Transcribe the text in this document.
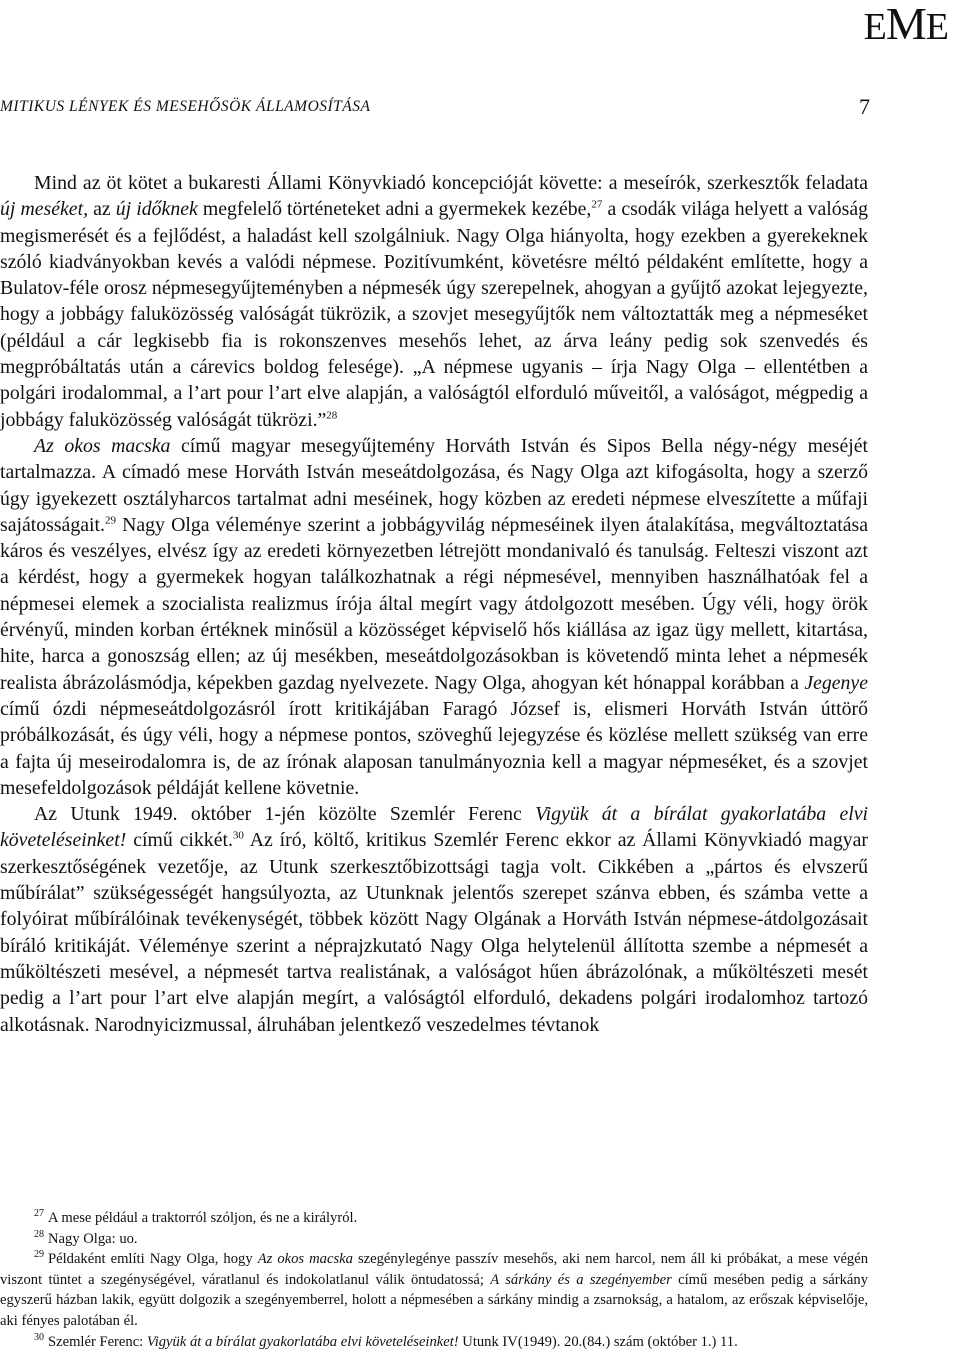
EME
MITIKUS LÉNYEK ÉS MESEHŐSÖK ÁLLAMOSÍTÁSA	7

Mind az öt kötet a bukaresti Állami Könyvkiadó koncepcióját követte: a meseírók, szerkesztők feladata új meséket, az új időknek megfelelő történeteket adni a gyermekek kezébe,$^{27}$ a csodák világa helyett a valóság megismerését és a fejlődést, a haladást kell szolgálniuk. Nagy Olga hiányolta, hogy ezekben a gyerekeknek szóló kiadványokban kevés a valódi népmese. Pozitívumként, követésre méltó példaként említette, hogy a Bulatov-féle orosz népmesegyűjteményben a népmesék úgy szerepelnek, ahogyan a gyűjtő azokat lejegyezte, hogy a jobbágy faluközösség valóságát tükrözik, a szovjet mesegyűjtők nem változtatták meg a népmeséket (például a cár legkisebb fia is rokonszenves mesehős lehet, az árva leány pedig sok szenvedés és megpróbáltatás után a cárevics boldog felesége). „A népmese ugyanis – írja Nagy Olga – ellentétben a polgári irodalommal, a l’art pour l’art elve alapján, a valóságtól elforduló műveitől, a valóságot, mégpedig a jobbágy faluközösség valóságát tükrözi.”$^{28}$

Az okos macska című magyar mesegyűjtemény Horváth István és Sipos Bella négy-négy meséjét tartalmazza. A címadó mese Horváth István meseátdolgozása, és Nagy Olga azt kifogásolta, hogy a szerző úgy igyekezett osztályharcos tartalmat adni meséinek, hogy közben az eredeti népmese elveszítette a műfaji sajátosságait.$^{29}$ Nagy Olga véleménye szerint a jobbágyvilág népmeséinek ilyen átalakítása, megváltoztatása káros és veszélyes, elvész így az eredeti környezetben létrejött mondanivaló és tanulság. Felteszi viszont azt a kérdést, hogy a gyermekek hogyan találkozhatnak a régi népmesével, mennyiben használhatóak fel a népmesei elemek a szocialista realizmus írója által megírt vagy átdolgozott mesében. Úgy véli, hogy örök érvényű, minden korban értéknek minősül a közösséget képviselő hős kiállása az igaz ügy mellett, kitartása, hite, harca a gonoszság ellen; az új mesékben, meseátdolgozásokban is követendő minta lehet a népmesék realista ábrázolásmódja, képekben gazdag nyelvezete. Nagy Olga, ahogyan két hónappal korábban a Jegenye című ózdi népmeseátdolgozásról írott kritikájában Faragó József is, elismeri Horváth István úttörő próbálkozását, és úgy véli, hogy a népmese pontos, szöveghű lejegyzése és közlése mellett szükség van erre a fajta új meseirodalomra is, de az írónak alaposan tanulmányoznia kell a magyar népmeséket, és a szovjet mesefeldolgozások példáját kellene követnie.

Az Utunk 1949. október 1-jén közölte Szemlér Ferenc Vigyük át a bírálat gyakorlatába elvi követeléseinket! című cikkét.$^{30}$ Az író, költő, kritikus Szemlér Ferenc ekkor az Állami Könyvkiadó magyar szerkesztőségének vezetője, az Utunk szerkesztőbizottsági tagja volt. Cikkében a „pártos és elvszerű műbírálat” szükségességét hangsúlyozta, az Utunknak jelentős szerepet szánva ebben, és számba vette a folyóirat műbírálóinak tevékenységét, többek között Nagy Olgának a Horváth István népmese-átdolgozásait bíráló kritikáját. Véleménye szerint a néprajzkutató Nagy Olga helytelenül állította szembe a népmesét a műköltészeti mesével, a népmesét tartva realistának, a valóságot hűen ábrázolónak, a műköltészeti mesét pedig a l’art pour l’art elve alapján megírt, a valóságtól elforduló, dekadens polgári irodalomhoz tartozó alkotásnak. Narodnyicizmussal, álruhában jelentkező veszedelmes tévtanok

$^{27}$ A mese például a traktorról szóljon, és ne a királyról.

$^{28}$ Nagy Olga: uo.

$^{29}$ Példaként említi Nagy Olga, hogy Az okos macska szegénylegénye passzív mesehős, aki nem harcol, nem áll ki próbákat, a mese végén viszont tüntet a szegénységével, váratlanul és indokolatlanul válik öntudatossá; A sárkány és a szegényember című mesében pedig a sárkány egyszerű házban lakik, együtt dolgozik a szegényemberrel, holott a népmesében a sárkány mindig a zsarnokság, a hatalom, az erőszak képviselője, aki fényes palotában él.

$^{30}$ Szemlér Ferenc: Vigyük át a bírálat gyakorlatába elvi követeléseinket! Utunk IV(1949). 20.(84.) szám (október 1.) 11.
